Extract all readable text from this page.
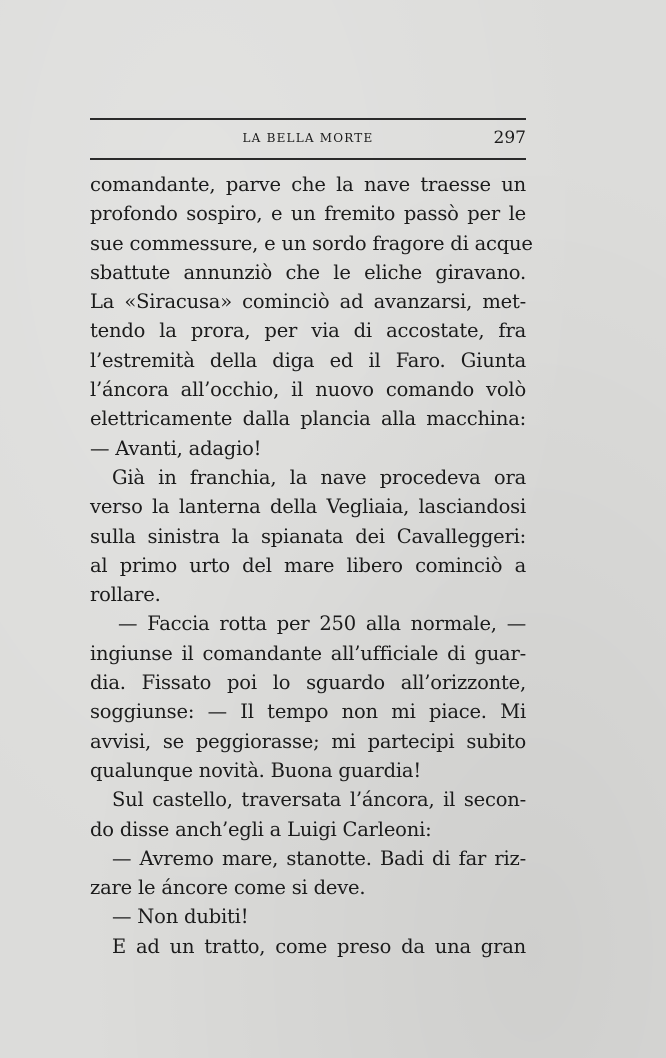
LA BELLA MORTE	297
comandante, parve che la nave traesse un
profondo sospiro, e un fremito passò per le
sue commessure, e un sordo fragore di acque
sbattute annunziò che le eliche giravano.
La «Siracusa» cominciò ad avanzarsi, met-
tendo la prora, per via di accostate, fra
l’estremità della diga ed il Faro. Giunta
l’áncora all’occhio, il nuovo comando volò
elettricamente dalla plancia alla macchina:
— Avanti, adagio!
Già in franchia, la nave procedeva ora
verso la lanterna della Vegliaia, lasciandosi
sulla sinistra la spianata dei Cavalleggeri:
al primo urto del mare libero cominciò a
rollare.
— Faccia rotta per 250 alla normale, —
ingiunse il comandante all’ufficiale di guar-
dia. Fissato poi lo sguardo all’orizzonte,
soggiunse: — Il tempo non mi piace. Mi
avvisi, se peggiorasse; mi partecipi subito
qualunque novità. Buona guardia!
Sul castello, traversata l’áncora, il secon-
do disse anch’egli a Luigi Carleoni:
— Avremo mare, stanotte. Badi di far riz-
zare le áncore come si deve.
— Non dubiti!
E ad un tratto, come preso da una gran
